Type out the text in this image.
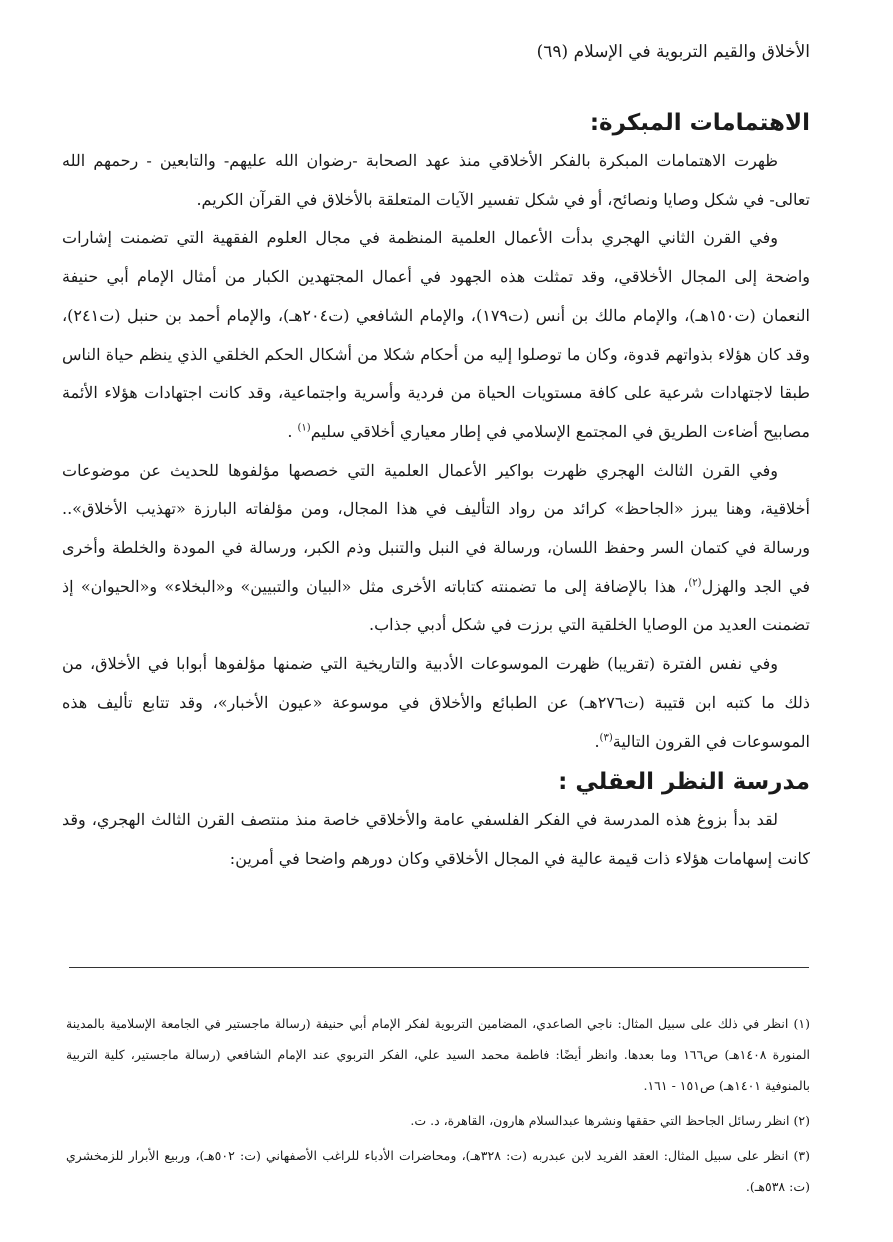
الأخلاق والقيم التربوية في الإسلام (٦٩)
الاهتمامات المبكرة:

ظهرت الاهتمامات المبكرة بالفكر الأخلاقي منذ عهد الصحابة -رضوان الله عليهم- والتابعين - رحمهم الله تعالى- في شكل وصايا ونصائح، أو في شكل تفسير الآيات المتعلقة بالأخلاق في القرآن الكريم.

وفي القرن الثاني الهجري بدأت الأعمال العلمية المنظمة في مجال العلوم الفقهية التي تضمنت إشارات واضحة إلى المجال الأخلاقي، وقد تمثلت هذه الجهود في أعمال المجتهدين الكبار من أمثال الإمام أبي حنيفة النعمان (ت١٥٠هـ)، والإمام مالك بن أنس (ت١٧٩)، والإمام الشافعي (ت٢٠٤هـ)، والإمام أحمد بن حنبل (ت٢٤١)، وقد كان هؤلاء بذواتهم قدوة، وكان ما توصلوا إليه من أحكام شكلا من أشكال الحكم الخلقي الذي ينظم حياة الناس طبقا لاجتهادات شرعية على كافة مستويات الحياة من فردية وأسرية واجتماعية، وقد كانت اجتهادات هؤلاء الأئمة مصابيح أضاءت الطريق في المجتمع الإسلامي في إطار معياري أخلاقي سليم$^{(١)}$ .

وفي القرن الثالث الهجري ظهرت بواكير الأعمال العلمية التي خصصها مؤلفوها للحديث عن موضوعات أخلاقية، وهنا يبرز «الجاحظ» كرائد من رواد التأليف في هذا المجال، ومن مؤلفاته البارزة «تهذيب الأخلاق».. ورسالة في كتمان السر وحفظ اللسان، ورسالة في النبل والتنبل وذم الكبر، ورسالة في المودة والخلطة وأخرى في الجد والهزل$^{(٢)}$، هذا بالإضافة إلى ما تضمنته كتاباته الأخرى مثل «البيان والتبيين» و«البخلاء» و«الحيوان» إذ تضمنت العديد من الوصايا الخلقية التي برزت في شكل أدبي جذاب.

وفي نفس الفترة (تقريبا) ظهرت الموسوعات الأدبية والتاريخية التي ضمنها مؤلفوها أبوابا في الأخلاق، من ذلك ما كتبه ابن قتيبة (ت٢٧٦هـ) عن الطبائع والأخلاق في موسوعة «عيون الأخبار»، وقد تتابع تأليف هذه الموسوعات في القرون التالية$^{(٣)}$.

مدرسة النظر العقلي :

لقد بدأ بزوغ هذه المدرسة في الفكر الفلسفي عامة والأخلاقي خاصة منذ منتصف القرن الثالث الهجري، وقد كانت إسهامات هؤلاء ذات قيمة عالية في المجال الأخلاقي وكان دورهم واضحا في أمرين:

(١) انظر في ذلك على سبيل المثال: ناجي الصاعدي، المضامين التربوية لفكر الإمام أبي حنيفة (رسالة ماجستير في الجامعة الإسلامية بالمدينة المنورة ١٤٠٨هـ) ص١٦٦ وما بعدها. وانظر أيضًا: فاطمة محمد السيد علي، الفكر التربوي عند الإمام الشافعي (رسالة ماجستير، كلية التربية بالمنوفية ١٤٠١هـ) ص١٥١ - ١٦١.

(٢) انظر رسائل الجاحظ التي حققها ونشرها عبدالسلام هارون، القاهرة، د. ت.

(٣) انظر على سبيل المثال: العقد الفريد لابن عبدربه (ت: ٣٢٨هـ)، ومحاضرات الأدباء للراغب الأصفهاني (ت: ٥٠٢هـ)، وربيع الأبرار للزمخشري (ت: ٥٣٨هـ).
